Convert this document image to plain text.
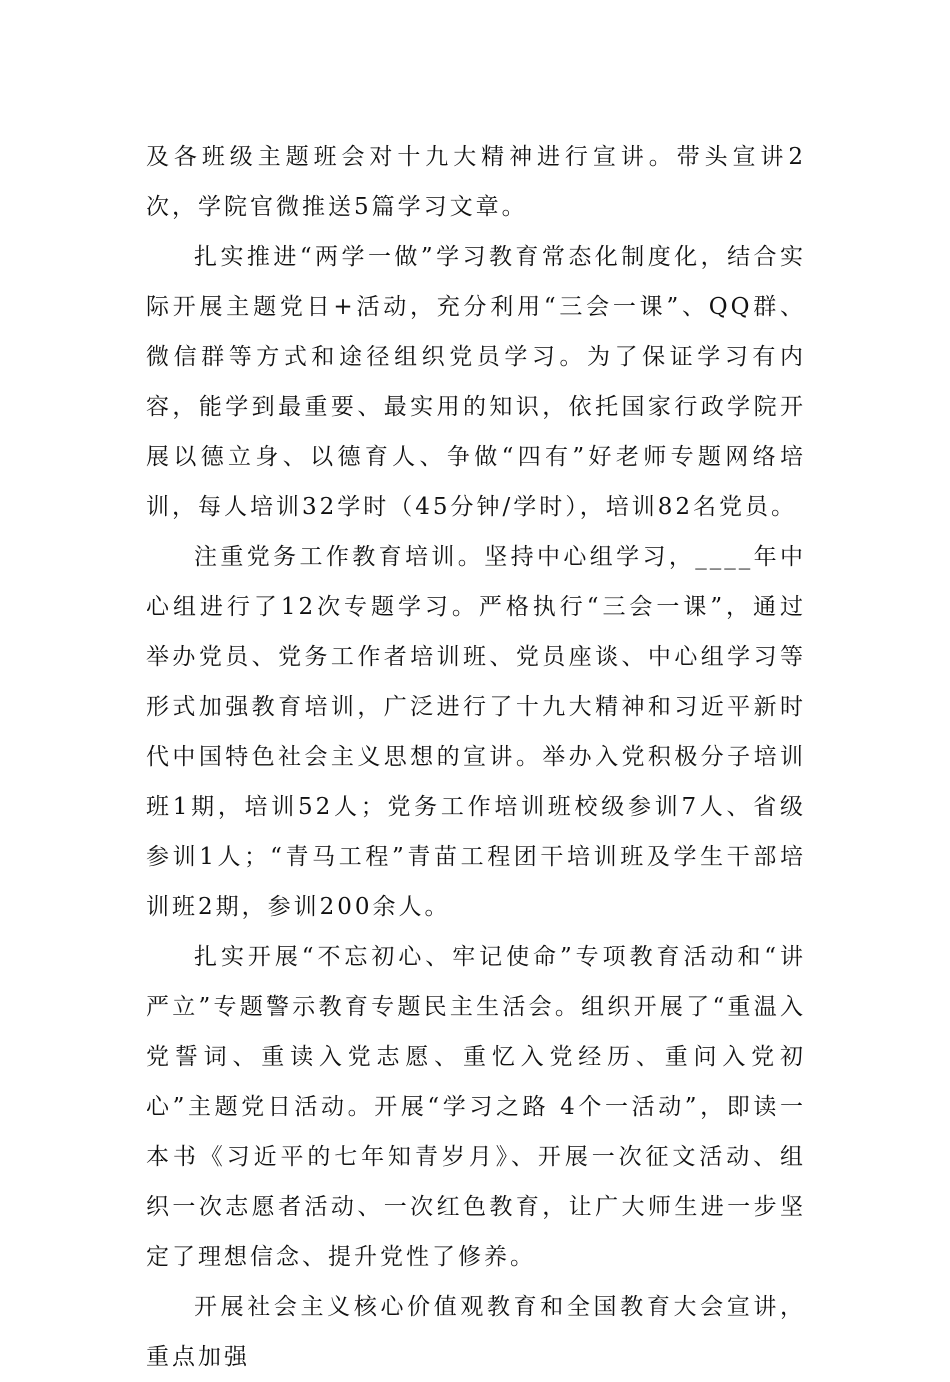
及各班级主题班会对十九大精神进行宣讲。带头宣讲2次，学院官微推送5篇学习文章。

扎实推进“两学一做”学习教育常态化制度化，结合实际开展主题党日+活动，充分利用“三会一课”、QQ群、微信群等方式和途径组织党员学习。为了保证学习有内容，能学到最重要、最实用的知识，依托国家行政学院开展以德立身、以德育人、争做“四有”好老师专题网络培训，每人培训32学时（45分钟/学时），培训82名党员。

注重党务工作教育培训。坚持中心组学习，____年中心组进行了12次专题学习。严格执行“三会一课”，通过举办党员、党务工作者培训班、党员座谈、中心组学习等形式加强教育培训，广泛进行了十九大精神和习近平新时代中国特色社会主义思想的宣讲。举办入党积极分子培训班1期，培训52人；党务工作培训班校级参训7人、省级参训1人；“青马工程”青苗工程团干培训班及学生干部培训班2期，参训200余人。

扎实开展“不忘初心、牢记使命”专项教育活动和“讲严立”专题警示教育专题民主生活会。组织开展了“重温入党誓词、重读入党志愿、重忆入党经历、重问入党初心”主题党日活动。开展“学习之路 4个一活动”，即读一本书《习近平的七年知青岁月》、开展一次征文活动、组织一次志愿者活动、一次红色教育，让广大师生进一步坚定了理想信念、提升党性了修养。

开展社会主义核心价值观教育和全国教育大会宣讲，重点加强
